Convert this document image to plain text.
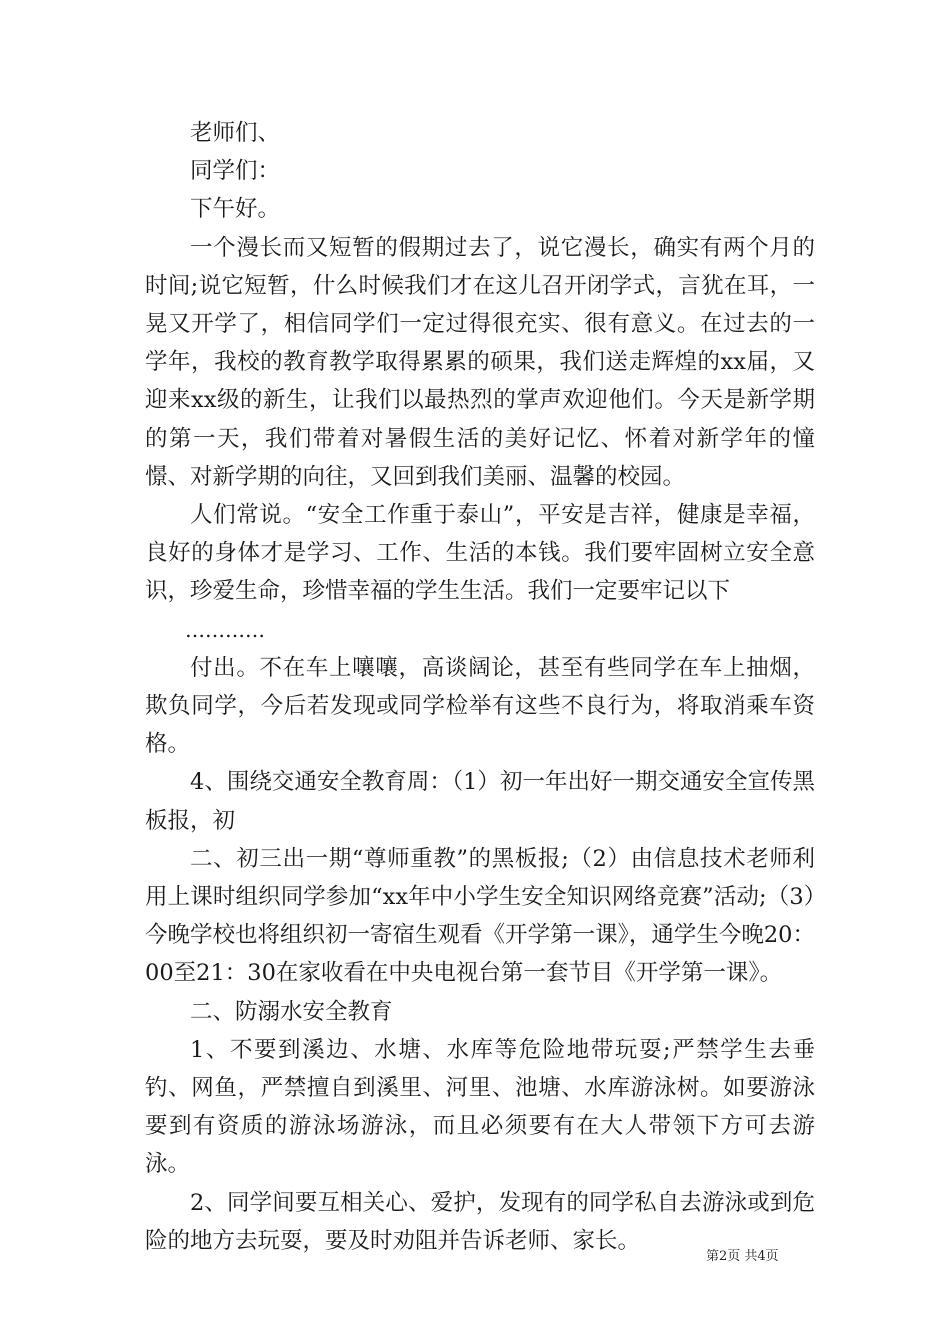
老师们、

同学们：

下午好。

一个漫长而又短暂的假期过去了，说它漫长，确实有两个月的时间;说它短暂，什么时候我们才在这儿召开闭学式，言犹在耳，一晃又开学了，相信同学们一定过得很充实、很有意义。在过去的一学年，我校的教育教学取得累累的硕果，我们送走辉煌的xx届，又迎来xx级的新生，让我们以最热烈的掌声欢迎他们。今天是新学期的第一天，我们带着对暑假生活的美好记忆、怀着对新学年的憧憬、对新学期的向往，又回到我们美丽、温馨的校园。

人们常说。“安全工作重于泰山”，平安是吉祥，健康是幸福，良好的身体才是学习、工作、生活的本钱。我们要牢固树立安全意识，珍爱生命，珍惜幸福的学生生活。我们一定要牢记以下

…………

付出。不在车上嚷嚷，高谈阔论，甚至有些同学在车上抽烟，欺负同学，今后若发现或同学检举有这些不良行为，将取消乘车资格。

4、围绕交通安全教育周：（1）初一年出好一期交通安全宣传黑板报，初

二、初三出一期“尊师重教”的黑板报;（2）由信息技术老师利用上课时组织同学参加“xx年中小学生安全知识网络竞赛”活动;（3）今晚学校也将组织初一寄宿生观看《开学第一课》，通学生今晚20：00至21：30在家收看在中央电视台第一套节目《开学第一课》。

二、防溺水安全教育

1、不要到溪边、水塘、水库等危险地带玩耍;严禁学生去垂钓、网鱼，严禁擅自到溪里、河里、池塘、水库游泳树。如要游泳要到有资质的游泳场游泳，而且必须要有在大人带领下方可去游泳。

2、同学间要互相关心、爱护，发现有的同学私自去游泳或到危险的地方去玩耍，要及时劝阻并告诉老师、家长。

第2页 共4页
